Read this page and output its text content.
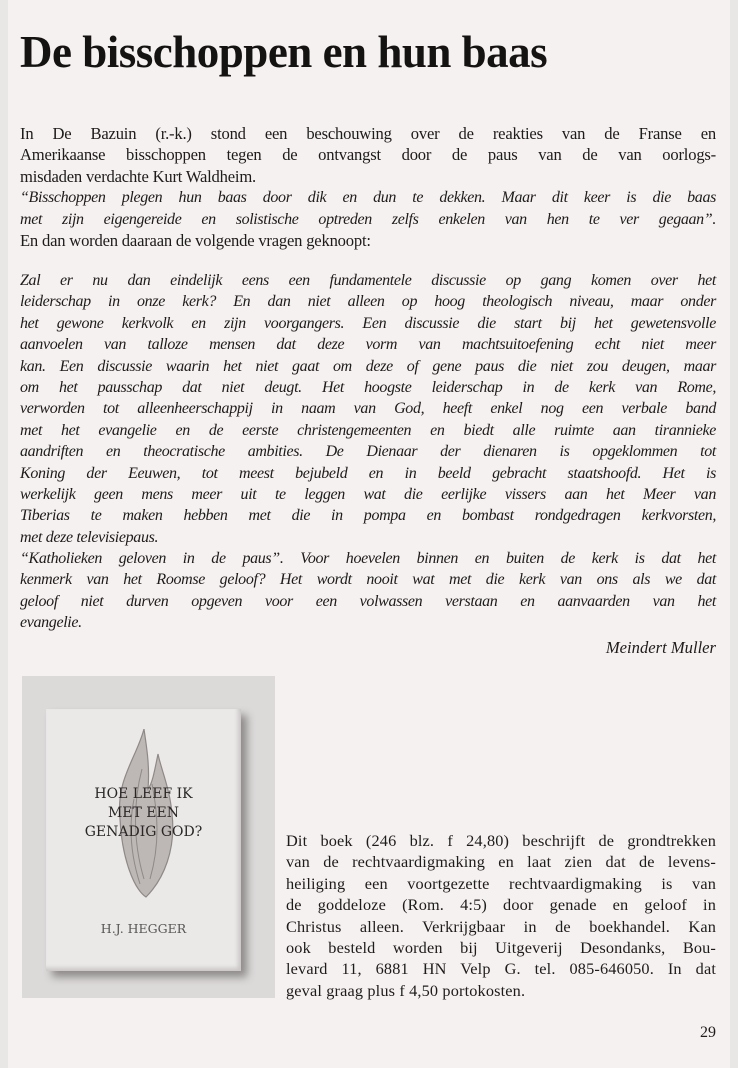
De bisschoppen en hun baas
In De Bazuin (r.-k.) stond een beschouwing over de reakties van de Franse en
Amerikaanse bisschoppen tegen de ontvangst door de paus van de van oorlogs-
misdaden verdachte Kurt Waldheim.
“Bisschoppen plegen hun baas door dik en dun te dekken. Maar dit keer is die baas
met zijn eigengereide en solistische optreden zelfs enkelen van hen te ver gegaan”.
En dan worden daaraan de volgende vragen geknoopt:
Zal er nu dan eindelijk eens een fundamentele discussie op gang komen over het
leiderschap in onze kerk? En dan niet alleen op hoog theologisch niveau, maar onder
het gewone kerkvolk en zijn voorgangers. Een discussie die start bij het gewetensvolle
aanvoelen van talloze mensen dat deze vorm van machtsuitoefening echt niet meer
kan. Een discussie waarin het niet gaat om deze of gene paus die niet zou deugen, maar
om het pausschap dat niet deugt. Het hoogste leiderschap in de kerk van Rome,
verworden tot alleenheerschappij in naam van God, heeft enkel nog een verbale band
met het evangelie en de eerste christengemeenten en biedt alle ruimte aan tirannieke
aandriften en theocratische ambities. De Dienaar der dienaren is opgeklommen tot
Koning der Eeuwen, tot meest bejubeld en in beeld gebracht staatshoofd. Het is
werkelijk geen mens meer uit te leggen wat die eerlijke vissers aan het Meer van
Tiberias te maken hebben met die in pompa en bombast rondgedragen kerkvorsten,
met deze televisiepaus.
“Katholieken geloven in de paus”. Voor hoevelen binnen en buiten de kerk is dat het
kenmerk van het Roomse geloof? Het wordt nooit wat met die kerk van ons als we dat
geloof niet durven opgeven voor een volwassen verstaan en aanvaarden van het
evangelie.
Meindert Muller
HOE LEEF IK
MET EEN
GENADIG GOD?
H.J. HEGGER
Dit boek (246 blz. f 24,80) beschrijft de grondtrekken
van de rechtvaardigmaking en laat zien dat de levens-
heiliging een voortgezette rechtvaardigmaking is van
de goddeloze (Rom. 4:5) door genade en geloof in
Christus alleen. Verkrijgbaar in de boekhandel. Kan
ook besteld worden bij Uitgeverij Desondanks, Bou-
levard 11, 6881 HN Velp G. tel. 085-646050. In dat
geval graag plus f 4,50 portokosten.
29
